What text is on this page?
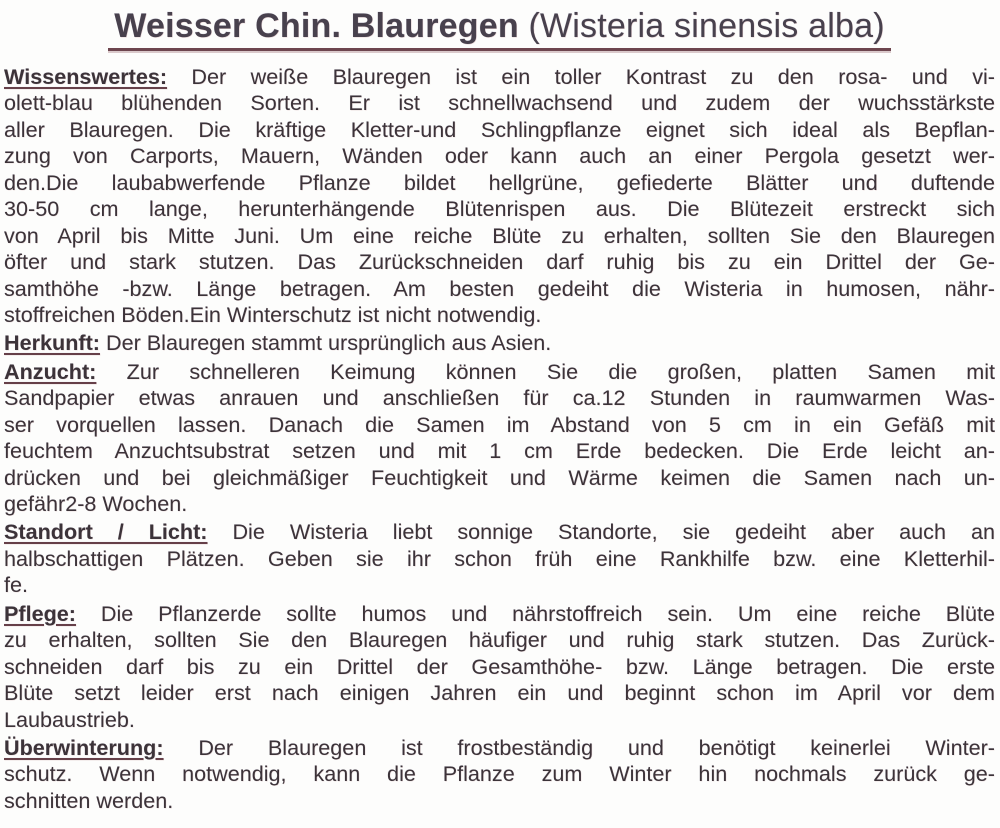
Weisser Chin. Blauregen (Wisteria sinensis alba)
Wissenswertes: Der weiße Blauregen ist ein toller Kontrast zu den rosa- und vi-
olett-blau blühenden Sorten. Er ist schnellwachsend und zudem der wuchsstärkste
aller Blauregen. Die kräftige Kletter-und Schlingpflanze eignet sich ideal als Bepflan-
zung von Carports, Mauern, Wänden oder kann auch an einer Pergola gesetzt wer-
den.Die laubabwerfende Pflanze bildet hellgrüne, gefiederte Blätter und duftende
30-50 cm lange, herunterhängende Blütenrispen aus. Die Blütezeit erstreckt sich
von April bis Mitte Juni. Um eine reiche Blüte zu erhalten, sollten Sie den Blauregen
öfter und stark stutzen. Das Zurückschneiden darf ruhig bis zu ein Drittel der Ge-
samthöhe -bzw. Länge betragen. Am besten gedeiht die Wisteria in humosen, nähr-
stoffreichen Böden.Ein Winterschutz ist nicht notwendig.
Herkunft: Der Blauregen stammt ursprünglich aus Asien.
Anzucht: Zur schnelleren Keimung können Sie die großen, platten Samen mit
Sandpapier etwas anrauen und anschließen für ca.12 Stunden in raumwarmen Was-
ser vorquellen lassen. Danach die Samen im Abstand von 5 cm in ein Gefäß mit
feuchtem Anzuchtsubstrat setzen und mit 1 cm Erde bedecken. Die Erde leicht an-
drücken und bei gleichmäßiger Feuchtigkeit und Wärme keimen die Samen nach un-
gefähr2-8 Wochen.
Standort / Licht: Die Wisteria liebt sonnige Standorte, sie gedeiht aber auch an
halbschattigen Plätzen. Geben sie ihr schon früh eine Rankhilfe bzw. eine Kletterhil-
fe.
Pflege: Die Pflanzerde sollte humos und nährstoffreich sein. Um eine reiche Blüte
zu erhalten, sollten Sie den Blauregen häufiger und ruhig stark stutzen. Das Zurück-
schneiden darf bis zu ein Drittel der Gesamthöhe- bzw. Länge betragen. Die erste
Blüte setzt leider erst nach einigen Jahren ein und beginnt schon im April vor dem
Laubaustrieb.
Überwinterung: Der Blauregen ist frostbeständig und benötigt keinerlei Winter-
schutz. Wenn notwendig, kann die Pflanze zum Winter hin nochmals zurück ge-
schnitten werden.
